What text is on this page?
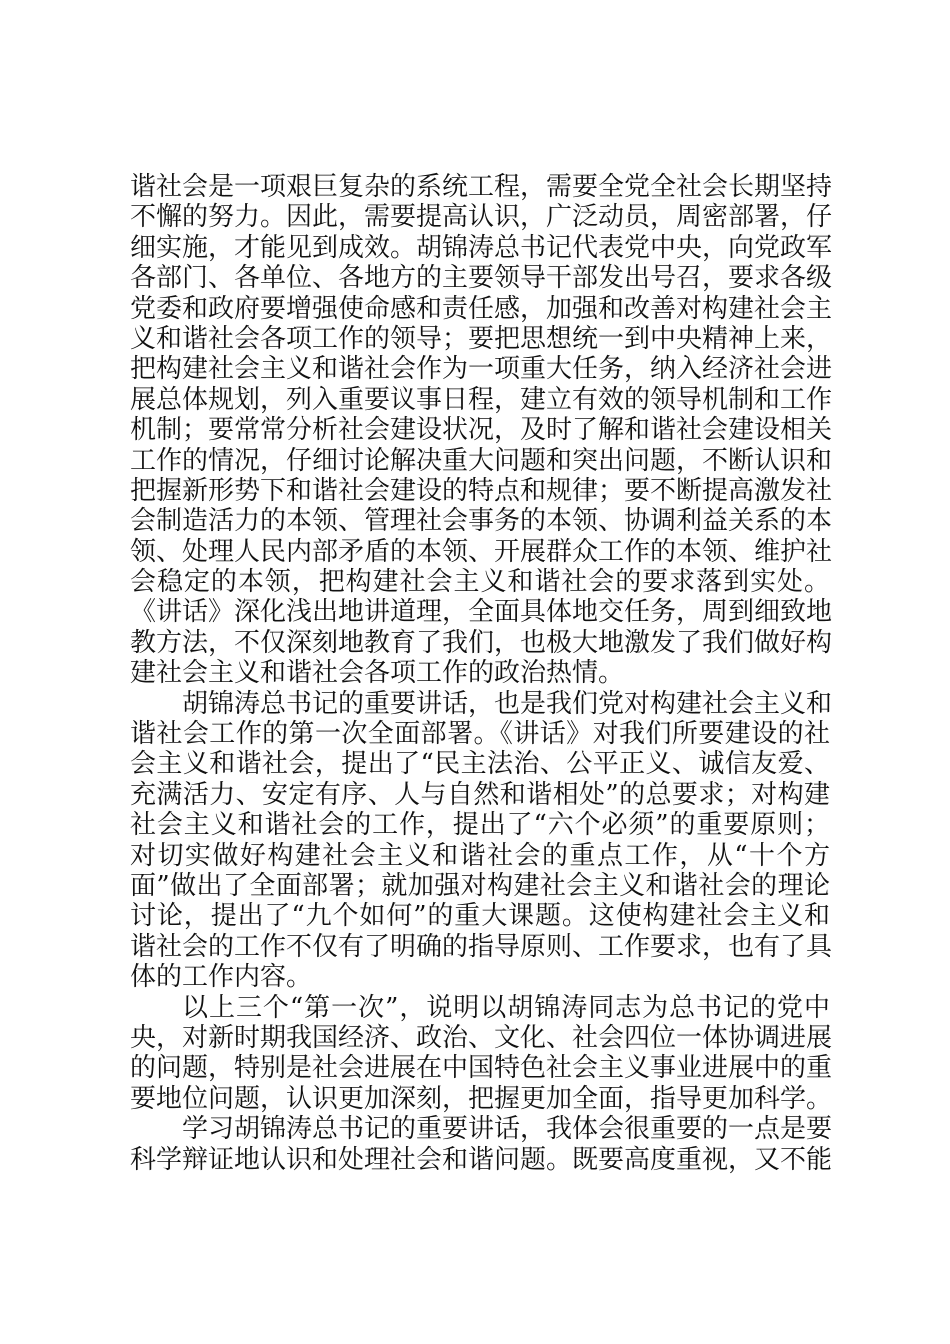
谐社会是一项艰巨复杂的系统工程，需要全党全社会长期坚持
不懈的努力。因此，需要提高认识，广泛动员，周密部署，仔
细实施，才能见到成效。胡锦涛总书记代表党中央，向党政军
各部门、各单位、各地方的主要领导干部发出号召，要求各级
党委和政府要增强使命感和责任感，加强和改善对构建社会主
义和谐社会各项工作的领导；要把思想统一到中央精神上来，
把构建社会主义和谐社会作为一项重大任务，纳入经济社会进
展总体规划，列入重要议事日程，建立有效的领导机制和工作
机制；要常常分析社会建设状况，及时了解和谐社会建设相关
工作的情况，仔细讨论解决重大问题和突出问题，不断认识和
把握新形势下和谐社会建设的特点和规律；要不断提高激发社
会制造活力的本领、管理社会事务的本领、协调利益关系的本
领、处理人民内部矛盾的本领、开展群众工作的本领、维护社
会稳定的本领，把构建社会主义和谐社会的要求落到实处。
《讲话》深化浅出地讲道理，全面具体地交任务，周到细致地
教方法，不仅深刻地教育了我们，也极大地激发了我们做好构
建社会主义和谐社会各项工作的政治热情。
胡锦涛总书记的重要讲话，也是我们党对构建社会主义和
谐社会工作的第一次全面部署。《讲话》对我们所要建设的社
会主义和谐社会，提出了“民主法治、公平正义、诚信友爱、
充满活力、安定有序、人与自然和谐相处”的总要求；对构建
社会主义和谐社会的工作，提出了“六个必须”的重要原则；
对切实做好构建社会主义和谐社会的重点工作，从“十个方
面”做出了全面部署；就加强对构建社会主义和谐社会的理论
讨论，提出了“九个如何”的重大课题。这使构建社会主义和
谐社会的工作不仅有了明确的指导原则、工作要求，也有了具
体的工作内容。
以上三个“第一次”，说明以胡锦涛同志为总书记的党中
央，对新时期我国经济、政治、文化、社会四位一体协调进展
的问题，特别是社会进展在中国特色社会主义事业进展中的重
要地位问题，认识更加深刻，把握更加全面，指导更加科学。
学习胡锦涛总书记的重要讲话，我体会很重要的一点是要
科学辩证地认识和处理社会和谐问题。既要高度重视，又不能
